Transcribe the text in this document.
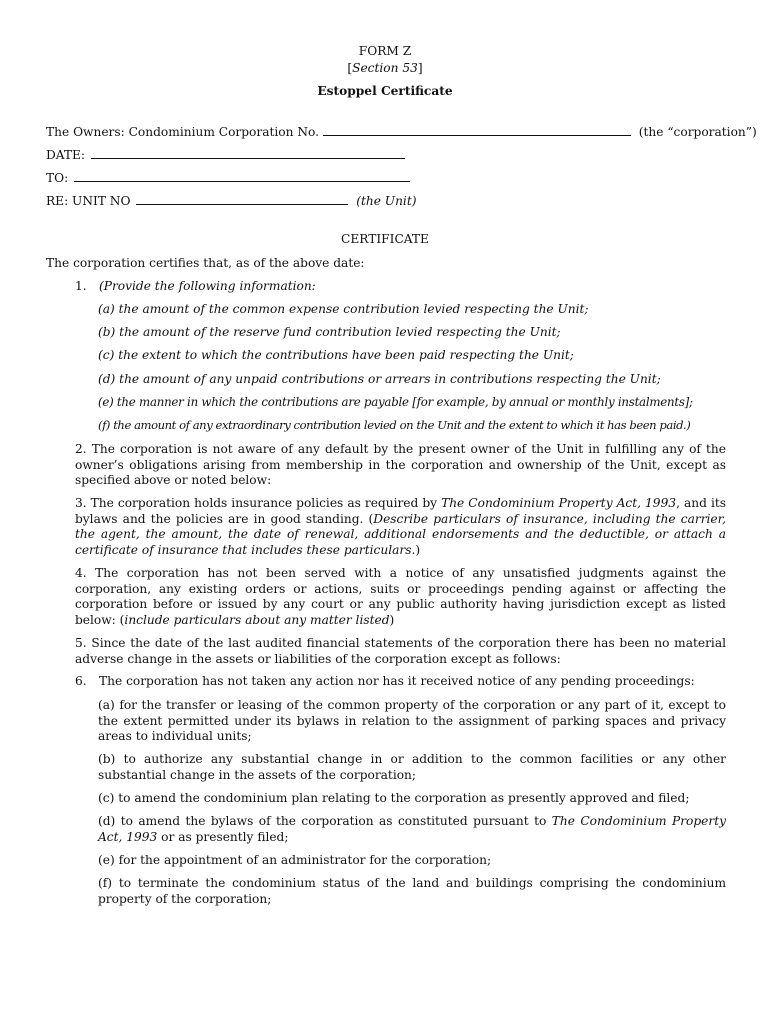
FORM Z
[Section 53]
Estoppel Certificate
The Owners: Condominium Corporation No.	(the “corporation”)
DATE:
TO:
RE: UNIT NO	(the Unit)
CERTIFICATE
The corporation certifies that, as of the above date:
1. (Provide the following information:
(a) the amount of the common expense contribution levied respecting the Unit;
(b) the amount of the reserve fund contribution levied respecting the Unit;
(c) the extent to which the contributions have been paid respecting the Unit;
(d) the amount of any unpaid contributions or arrears in contributions respecting the Unit;
(e) the manner in which the contributions are payable [for example, by annual or monthly instalments];
(f) the amount of any extraordinary contribution levied on the Unit and the extent to which it has been paid.)
2. The corporation is not aware of any default by the present owner of the Unit in fulfilling any of the owner’s obligations arising from membership in the corporation and ownership of the Unit, except as specified above or noted below:
3. The corporation holds insurance policies as required by The Condominium Property Act, 1993, and its bylaws and the policies are in good standing. (Describe particulars of insurance, including the carrier, the agent, the amount, the date of renewal, additional endorsements and the deductible, or attach a certificate of insurance that includes these particulars.)
4. The corporation has not been served with a notice of any unsatisfied judgments against the corporation, any existing orders or actions, suits or proceedings pending against or affecting the corporation before or issued by any court or any public authority having jurisdiction except as listed below: (include particulars about any matter listed)
5. Since the date of the last audited financial statements of the corporation there has been no material adverse change in the assets or liabilities of the corporation except as follows:
6. The corporation has not taken any action nor has it received notice of any pending proceedings:
(a) for the transfer or leasing of the common property of the corporation or any part of it, except to the extent permitted under its bylaws in relation to the assignment of parking spaces and privacy areas to individual units;
(b) to authorize any substantial change in or addition to the common facilities or any other substantial change in the assets of the corporation;
(c) to amend the condominium plan relating to the corporation as presently approved and filed;
(d) to amend the bylaws of the corporation as constituted pursuant to The Condominium Property Act, 1993 or as presently filed;
(e) for the appointment of an administrator for the corporation;
(f) to terminate the condominium status of the land and buildings comprising the condominium property of the corporation;
